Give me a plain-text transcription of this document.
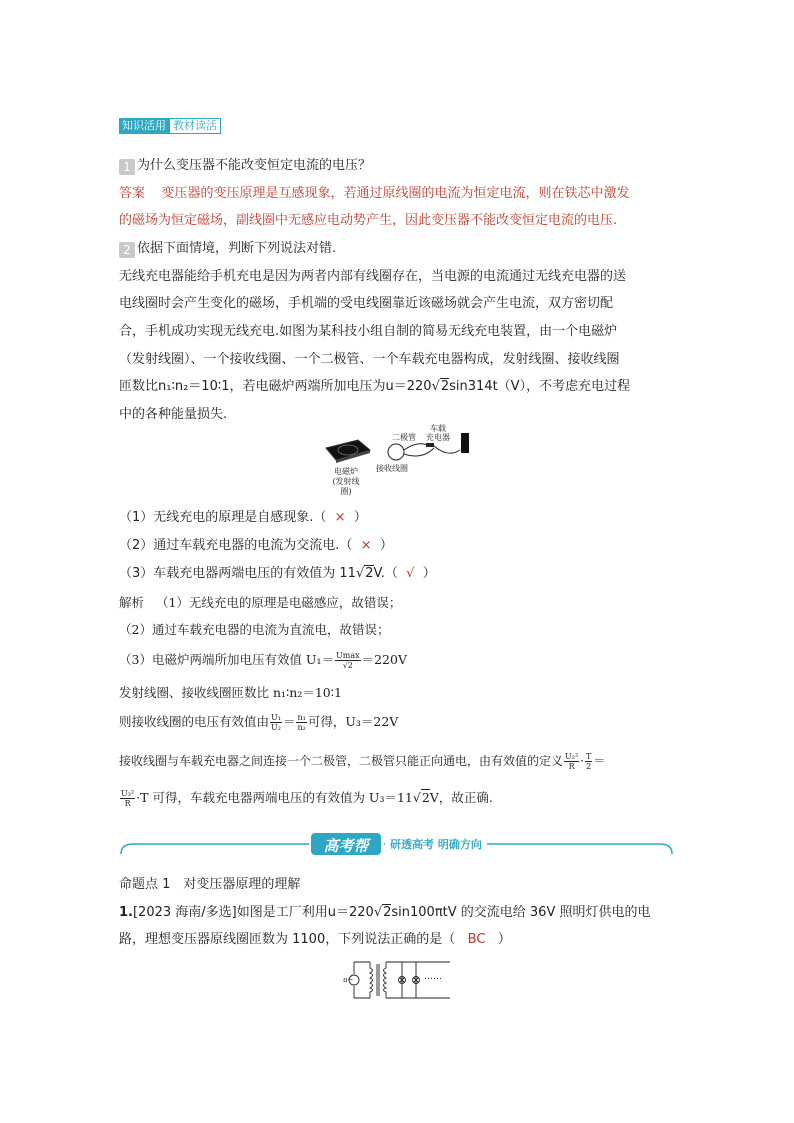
知识活用 教材读活
1 为什么变压器不能改变恒定电流的电压？
答案 变压器的变压原理是互感现象，若通过原线圈的电流为恒定电流，则在铁芯中激发
的磁场为恒定磁场，副线圈中无感应电动势产生，因此变压器不能改变恒定电流的电压.
2 依据下面情境，判断下列说法对错.
无线充电器能给手机充电是因为两者内部有线圈存在，当电源的电流通过无线充电器的送
电线圈时会产生变化的磁场，手机端的受电线圈靠近该磁场就会产生电流，双方密切配
合，手机成功实现无线充电.如图为某科技小组自制的简易无线充电装置，由一个电磁炉
（发射线圈）、一个接收线圈、一个二极管、一个车载充电器构成，发射线圈、接收线圈
匝数比n₁∶n₂＝10∶1，若电磁炉两端所加电压为u＝220√2sin314t（V），不考虑充电过程
中的各种能量损失.
电磁炉
(发射线圈)
接收线圈
二极管
车载
充电器
（1）无线充电的原理是自感现象.（ × ）
（2）通过车载充电器的电流为交流电.（ × ）
（3）车载充电器两端电压的有效值为 11√2V.（ √ ）
解析 （1）无线充电的原理是电磁感应，故错误；
（2）通过车载充电器的电流为直流电，故错误；
（3）电磁炉两端所加电压有效值 $U_1= \frac{Umax}{√2} =220V$
发射线圈、接收线圈匝数比 n₁∶n₂＝10∶1
则接收线圈的电压有效值由 $\frac{\text{U₁}}{\text{U₂}} = \frac{\text{n₁}}{\text{n₂}}$ 可得，U₃＝22V
接收线圈与车载充电器之间连接一个二极管，二极管只能正向通电，由有效值的定义 $\frac{\text{U₂²}}{R} \cdot \frac{T}{2}$ ＝
$\frac{\text{U₃²}}{R} \cdot T$ 可得，车载充电器两端电压的有效值为 U₃＝11√2V，故正确.
高考帮	研透高考 明确方向
命题点 1　对变压器原理的理解
1.[2023 海南/多选]如图是工厂利用u＝220√2sin100πtV 的交流电给 36V 照明灯供电的电
路，理想变压器原线圈匝数为 1100，下列说法正确的是（ BC ）
u~	……
